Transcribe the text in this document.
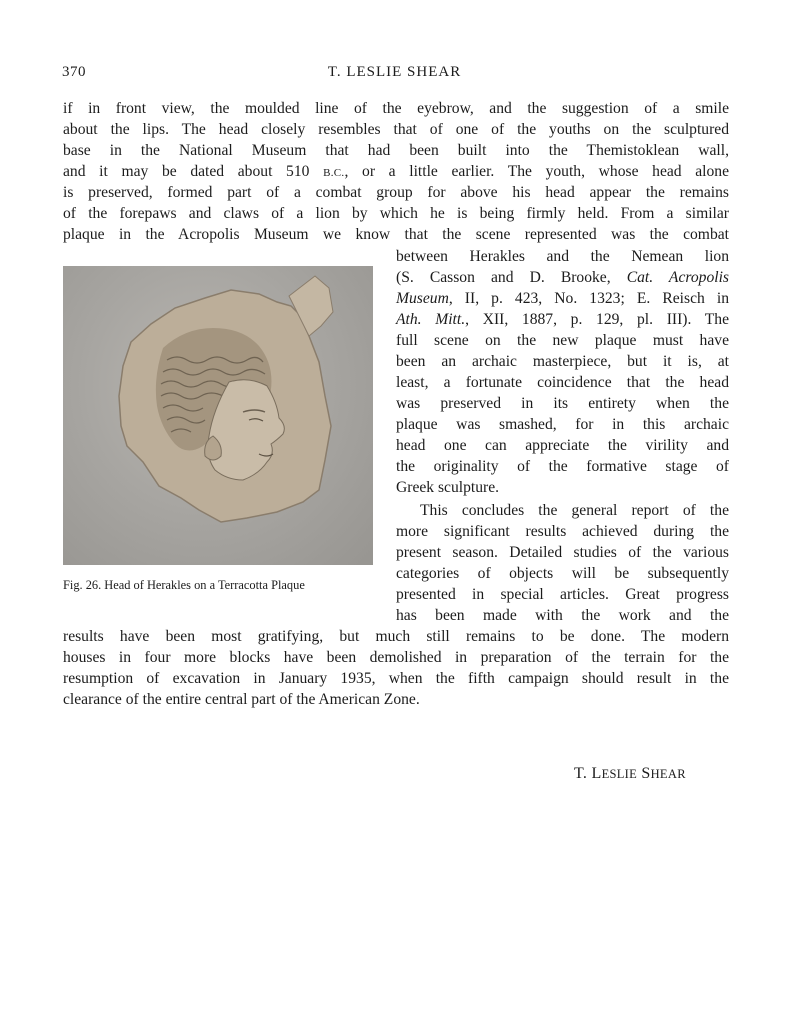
370	T. LESLIE SHEAR
if in front view, the moulded line of the eyebrow, and the suggestion of a smile
about the lips. The head closely resembles that of one of the youths on the sculptured
base in the National Museum that had been built into the Themistoklean wall,
and it may be dated about 510 B.C., or a little earlier. The youth, whose head alone
is preserved, formed part of a combat group for above his head appear the remains
of the forepaws and claws of a lion by which he is being firmly held. From a similar
plaque in the Acropolis Museum we know that the scene represented was the combat
between Herakles and the Nemean lion
(S. Casson and D. Brooke, Cat. Acropolis
Museum, II, p. 423, No. 1323; E. Reisch in
Ath. Mitt., XII, 1887, p. 129, pl. III). The
full scene on the new plaque must have
been an archaic masterpiece, but it is, at
least, a fortunate coincidence that the head
was preserved in its entirety when the
plaque was smashed, for in this archaic
head one can appreciate the virility and
the originality of the formative stage of
Greek sculpture.
This concludes the general report of the
more significant results achieved during the
present season. Detailed studies of the various
categories of objects will be subsequently
presented in special articles. Great progress
has been made with the work and the
results have been most gratifying, but much still remains to be done. The modern
houses in four more blocks have been demolished in preparation of the terrain for the
resumption of excavation in January 1935, when the fifth campaign should result in the
clearance of the entire central part of the American Zone.
Fig. 26. Head of Herakles on a Terracotta Plaque
T. LESLIE SHEAR
